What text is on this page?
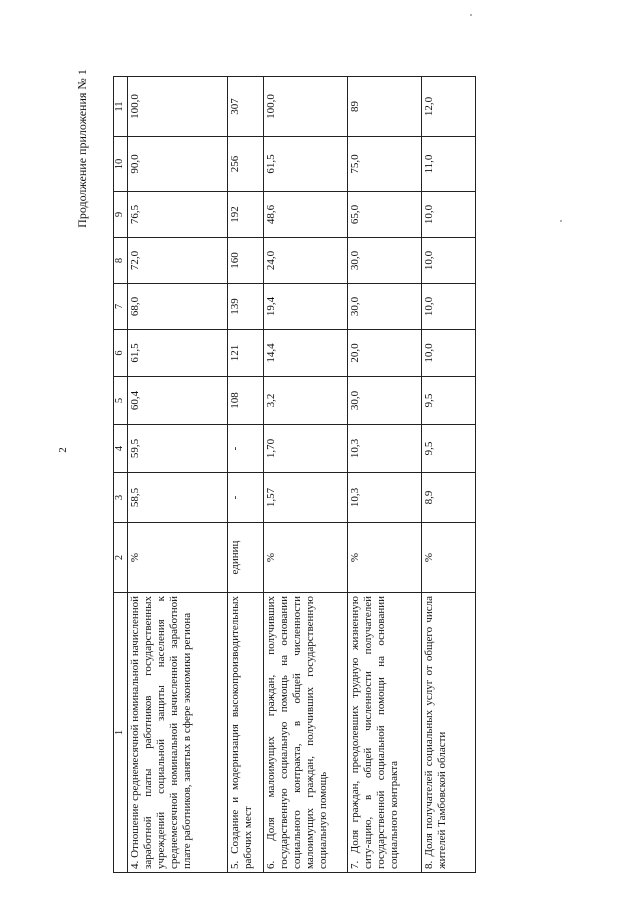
2
Продолжение приложения № 1
1	2	3	4	5	6	7	8	9	10	11
4. Отношение среднемесячной номинальной начисленной заработной платы работников государственных учреждений социальной защиты населения к среднемесячной номинальной начисленной заработной плате работников, занятых в сфере экономики региона	%	58,5	59,5	60,4	61,5	68,0	72,0	76,5	90,0	100,0
5. Создание и модернизация высокопроизводительных рабочих мест	единиц	-	-	108	121	139	160	192	256	307
6. Доля малоимущих граждан, получивших государственную социальную помощь на основании социального контракта, в общей численности малоимущих граждан, получивших государственную социальную помощь	%	1,57	1,70	3,2	14,4	19,4	24,0	48,6	61,5	100,0
7. Доля граждан, преодолевших трудную жизненную ситу-ацию, в общей численности получателей государственной социальной помощи на основании социального контракта	%	10,3	10,3	30,0	20,0	30,0	30,0	65,0	75,0	89
8. Доля получателей социальных услуг от общего числа жителей Тамбовской области	%	8,9	9,5	9,5	10,0	10,0	10,0	10,0	11,0	12,0
